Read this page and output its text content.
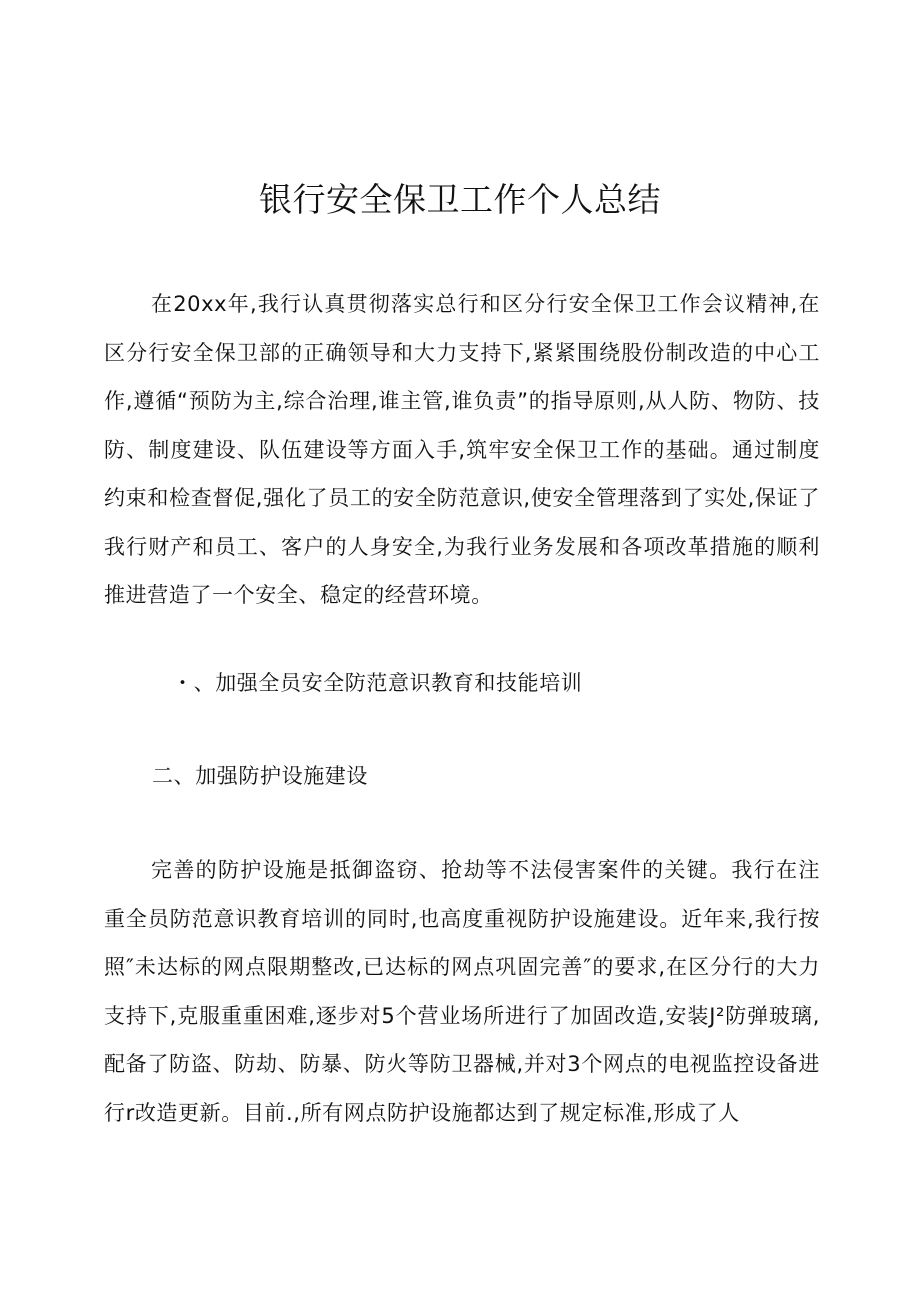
银行安全保卫工作个人总结

在20xx年,我行认真贯彻落实总行和区分行安全保卫工作会议精神,在区分行安全保卫部的正确领导和大力支持下,紧紧围绕股份制改造的中心工作,遵循“预防为主,综合治理,谁主管,谁负责”的指导原则,从人防、物防、技防、制度建设、队伍建设等方面入手,筑牢安全保卫工作的基础。通过制度约束和检查督促,强化了员工的安全防范意识,使安全管理落到了实处,保证了我行财产和员工、客户的人身安全,为我行业务发展和各项改革措施的顺利推进营造了一个安全、稳定的经营环境。

・、加强全员安全防范意识教育和技能培训
二、加强防护设施建设

完善的防护设施是抵御盗窃、抢劫等不法侵害案件的关键。我行在注重全员防范意识教育培训的同时,也高度重视防护设施建设。近年来,我行按照″未达标的网点限期整改,已达标的网点巩固完善″的要求,在区分行的大力支持下,克服重重困难,逐步对5个营业场所进行了加固改造,安装J²防弹玻璃,配备了防盗、防劫、防暴、防火等防卫器械,并对3个网点的电视监控设备进行r改造更新。目前.,所有网点防护设施都达到了规定标准,形成了人
